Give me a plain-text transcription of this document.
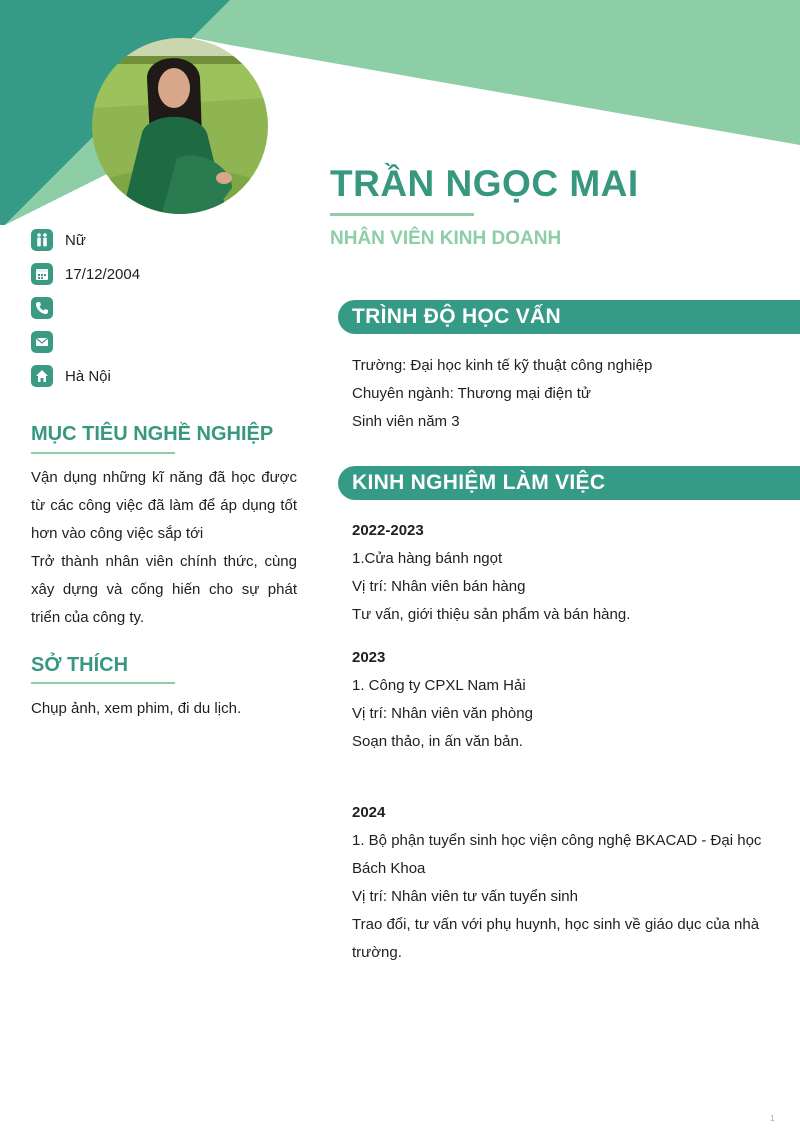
TRẦN NGỌC MAI
NHÂN VIÊN KINH DOANH
Nữ
17/12/2004
Hà Nội
MỤC TIÊU NGHỀ NGHIỆP

Vận dụng những kĩ năng đã học được từ các công việc đã làm để áp dụng tốt hơn vào công việc sắp tới

Trở thành nhân viên chính thức, cùng xây dựng và cống hiến cho sự phát triển của công ty.

SỞ THÍCH

Chụp ảnh, xem phim, đi du lịch.

TRÌNH ĐỘ HỌC VẤN

Trường: Đại học kinh tế kỹ thuật công nghiệp

Chuyên ngành: Thương mại điện tử

Sinh viên năm 3

KINH NGHIỆM LÀM VIỆC

2022-2023

1.Cửa hàng bánh ngọt

Vị trí: Nhân viên bán hàng

Tư vấn, giới thiệu sản phẩm và bán hàng.

2023

1. Công ty CPXL Nam Hải

Vị trí: Nhân viên văn phòng

Soạn thảo, in ấn văn bản.

2024

1. Bộ phận tuyển sinh học viện công nghệ BKACAD - Đại học Bách Khoa

Vị trí: Nhân viên tư vấn tuyển sinh

Trao đổi, tư vấn với phụ huynh, học sinh về giáo dục của nhà trường.

1
